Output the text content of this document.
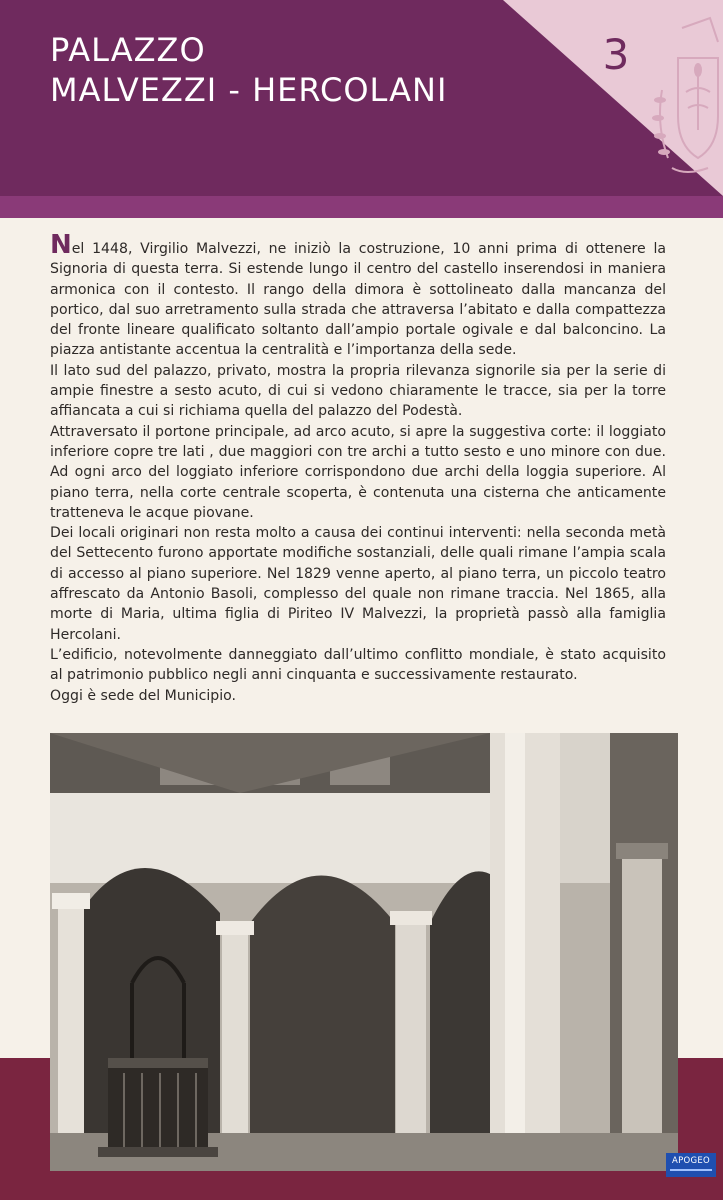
PALAZZO
MALVEZZI - HERCOLANI
3

Nel 1448, Virgilio Malvezzi, ne iniziò la costruzione, 10 anni prima di ottenere la Signoria di questa terra. Si estende lungo il centro del castello inserendosi in maniera armonica con il contesto. Il rango della dimora è sottolineato dalla mancanza del portico, dal suo arretramento sulla strada che attraversa l’abitato e dalla compattezza del fronte lineare qualificato soltanto dall’ampio portale ogivale e dal balconcino. La piazza antistante accentua la centralità e l’importanza della sede.

Il lato sud del palazzo, privato, mostra la propria rilevanza signorile sia per la serie di ampie finestre a sesto acuto, di cui si vedono chiaramente le tracce, sia per la torre affiancata a cui si richiama quella del palazzo del Podestà.

Attraversato il portone principale, ad arco acuto, si apre la suggestiva corte: il loggiato inferiore copre tre lati , due maggiori con tre archi a tutto sesto e uno minore con due. Ad ogni arco del loggiato inferiore corrispondono due archi della loggia superiore. Al piano terra, nella corte centrale scoperta, è contenuta una cisterna che anticamente tratteneva le acque piovane.

Dei locali originari non resta molto a causa dei continui interventi: nella seconda metà del Settecento furono apportate modifiche sostanziali, delle quali rimane l’ampia scala di accesso al piano superiore. Nel 1829 venne aperto, al piano terra, un piccolo teatro affrescato da Antonio Basoli, complesso del quale non rimane traccia. Nel 1865, alla morte di Maria, ultima figlia di Piriteo IV Malvezzi, la proprietà passò alla famiglia Hercolani.

L’edificio, notevolmente danneggiato dall’ultimo conflitto mondiale, è stato acquisito al patrimonio pubblico negli anni cinquanta e successivamente restaurato.

Oggi è sede del Municipio.

APOGEO
